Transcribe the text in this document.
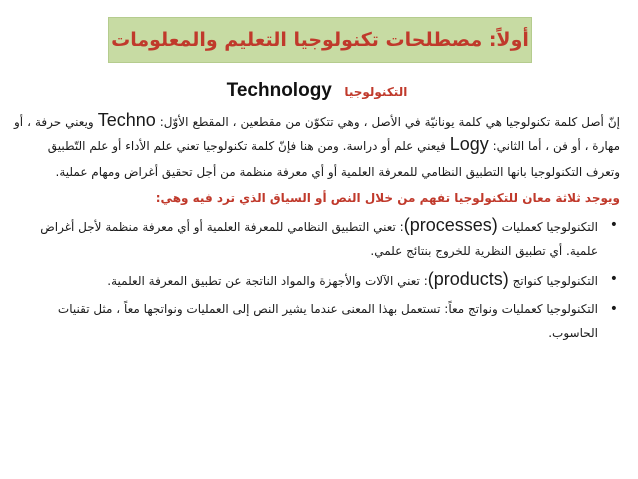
أولاً: مصطلحات تكنولوجيا التعليم والمعلومات
التكنولوجيا Technology

إنّ أصل كلمة تكنولوجيا هي كلمة يونانيّة في الأصل ، وهي تتكوّن من مقطعين ، المقطع الأوّل: Techno ويعني حرفة ، أو مهارة ، أو فن ، أما الثاني: Logy فيعني علم أو دراسة. ومن هنا فإنّ كلمة تكنولوجيا تعني علم الأداء أو علم التّطبيق

وتعرف التكنولوجيا بانها التطبيق النظامي للمعرفة العلمية أو أي معرفة منظمة من أجل تحقيق أغراض ومهام عملية.

ويوجد ثلاثة معان للتكنولوجيا تفهم من خلال النص أو السياق الذي ترد فيه وهي:
•
التكنولوجيا كعمليات (processes): تعني التطبيق النظامي للمعرفة العلمية أو أي معرفة منظمة لأجل أغراض علمية. أي تطبيق النظرية للخروج بنتائج علمي.
•
التكنولوجيا كنواتج (products): تعني الآلات والأجهزة والمواد الناتجة عن تطبيق المعرفة العلمية.
•
التكنولوجيا كعمليات ونواتج معاً: تستعمل بهذا المعنى عندما يشير النص إلى العمليات ونواتجها معاً ، مثل تقنيات الحاسوب.
